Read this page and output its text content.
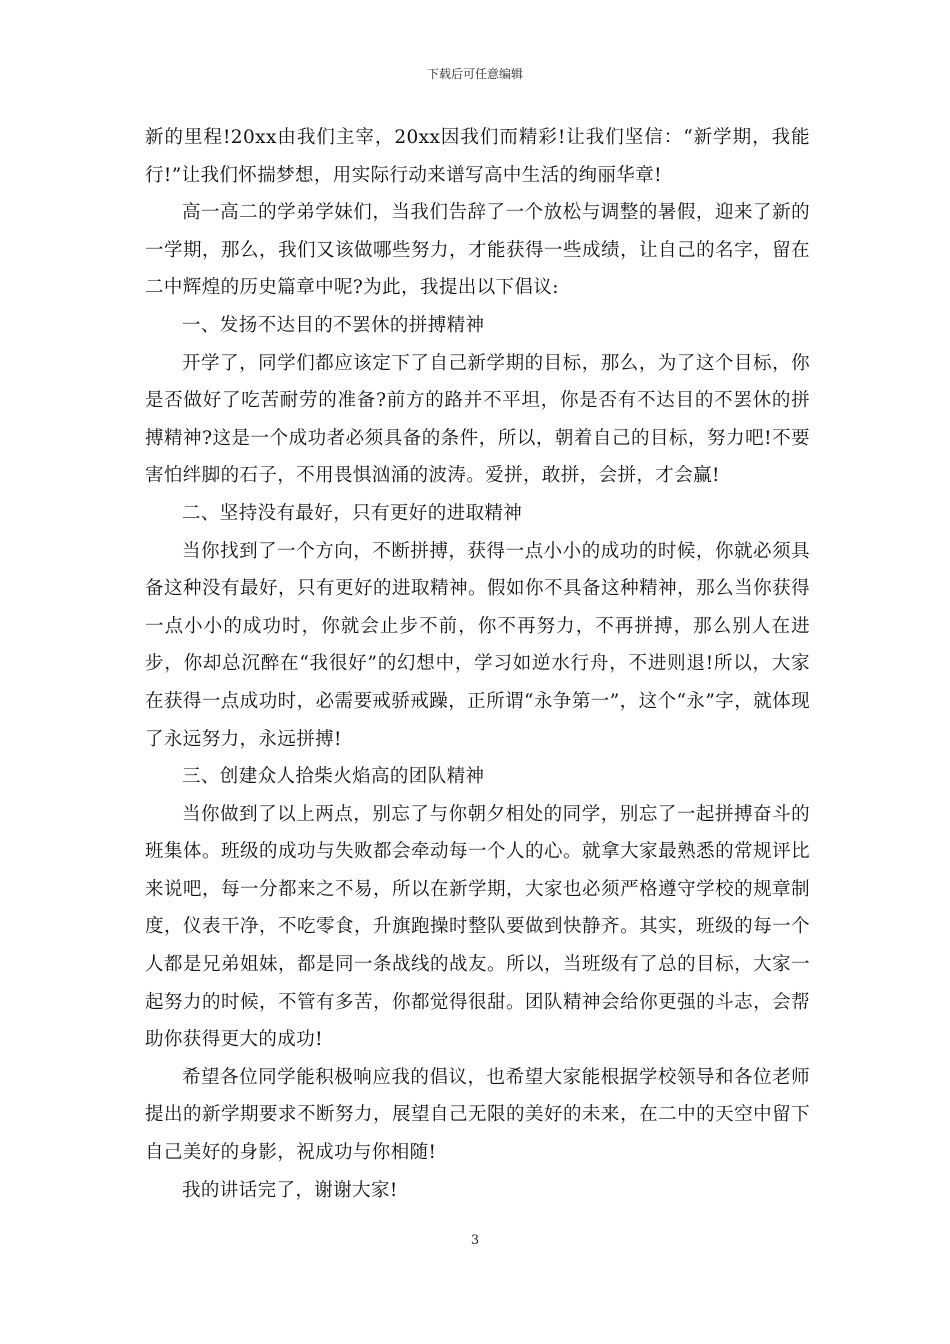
下载后可任意编辑

新的里程!20xx由我们主宰，20xx因我们而精彩!让我们坚信：“新学期，我能行!”让我们怀揣梦想，用实际行动来谱写高中生活的绚丽华章!

高一高二的学弟学妹们，当我们告辞了一个放松与调整的暑假，迎来了新的一学期，那么，我们又该做哪些努力，才能获得一些成绩，让自己的名字，留在二中辉煌的历史篇章中呢?为此，我提出以下倡议:

一、发扬不达目的不罢休的拼搏精神

开学了，同学们都应该定下了自己新学期的目标，那么，为了这个目标，你是否做好了吃苦耐劳的准备?前方的路并不平坦，你是否有不达目的不罢休的拼搏精神?这是一个成功者必须具备的条件，所以，朝着自己的目标，努力吧!不要害怕绊脚的石子，不用畏惧汹涌的波涛。爱拼，敢拼，会拼，才会赢!

二、坚持没有最好，只有更好的进取精神

当你找到了一个方向，不断拼搏，获得一点小小的成功的时候，你就必须具备这种没有最好，只有更好的进取精神。假如你不具备这种精神，那么当你获得一点小小的成功时，你就会止步不前，你不再努力，不再拼搏，那么别人在进步，你却总沉醉在“我很好”的幻想中，学习如逆水行舟，不进则退!所以，大家在获得一点成功时，必需要戒骄戒躁，正所谓“永争第一”，这个“永”字，就体现了永远努力，永远拼搏!

三、创建众人拾柴火焰高的团队精神

当你做到了以上两点，别忘了与你朝夕相处的同学，别忘了一起拼搏奋斗的班集体。班级的成功与失败都会牵动每一个人的心。就拿大家最熟悉的常规评比来说吧，每一分都来之不易，所以在新学期，大家也必须严格遵守学校的规章制度，仪表干净，不吃零食，升旗跑操时整队要做到快静齐。其实，班级的每一个人都是兄弟姐妹，都是同一条战线的战友。所以，当班级有了总的目标，大家一起努力的时候，不管有多苦，你都觉得很甜。团队精神会给你更强的斗志，会帮助你获得更大的成功!

希望各位同学能积极响应我的倡议，也希望大家能根据学校领导和各位老师提出的新学期要求不断努力，展望自己无限的美好的未来，在二中的天空中留下自己美好的身影，祝成功与你相随!

我的讲话完了，谢谢大家!

3
